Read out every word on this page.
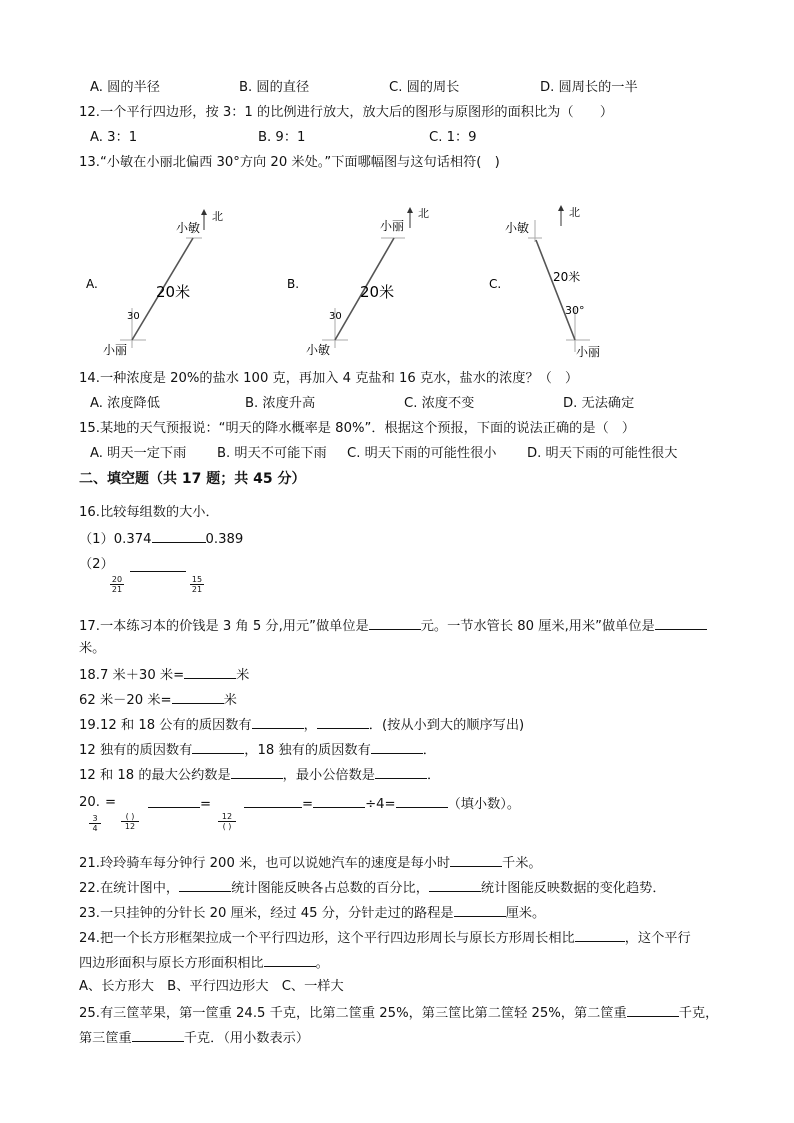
A. 圆的半径	B. 圆的直径	C. 圆的周长	D. 圆周长的一半
12.一个平行四边形，按 3：1 的比例进行放大，放大后的图形与原图形的面积比为（　　）
A. 3：1	B. 9：1	C. 1：9
13.“小敏在小丽北偏西 30°方向 20 米处。”下面哪幅图与这句话相符(　)
A.
北
小敏
20米
30
小丽
B.
北
小丽
20米
30
小敏
C.
北
小敏
20米
30°
小丽
14.一种浓度是 20%的盐水 100 克，再加入 4 克盐和 16 克水，盐水的浓度？（　）
A. 浓度降低	B. 浓度升高	C. 浓度不变	D. 无法确定
15.某地的天气预报说：“明天的降水概率是 80%”．根据这个预报，下面的说法正确的是（　）
A. 明天一定下雨 B. 明天不可能下雨 C. 明天下雨的可能性很小 D. 明天下雨的可能性很大
二、填空题（共 17 题；共 45 分）
16.比较每组数的大小．
（1）0.374	0.389
（2）
$\frac{20}{21}$	$\frac{15}{21}$
17.一本练习本的价钱是 3 角 5 分,用元”做单位是	元。一节水管长 80 厘米,用米”做单位是
米。
18.7 米＋30 米=	米
62 米－20 米=	米
19.12 和 18 公有的质因数有	，	．(按从小到大的顺序写出)
12 独有的质因数有	，18 独有的质因数有	．
12 和 18 的最大公约数是	，最小公倍数是	．
20. =	=	=	÷4=	（填小数）。
$\frac{3}{4}$	( )
12
12
( )
21.玲玲骑车每分钟行 200 米，也可以说她汽车的速度是每小时	千米。
22.在统计图中，	统计图能反映各占总数的百分比，	统计图能反映数据的变化趋势．
23.一只挂钟的分针长 20 厘米，经过 45 分，分针走过的路程是	厘米。
24.把一个长方形框架拉成一个平行四边形，这个平行四边形周长与原长方形周长相比	，这个平行
四边形面积与原长方形面积相比	。
A、长方形大　B、平行四边形大　C、一样大
25.有三筐苹果，第一筐重 24.5 千克，比第二筐重 25%，第三筐比第二筐轻 25%，第二筐重	千克，
第三筐重	千克．（用小数表示）
